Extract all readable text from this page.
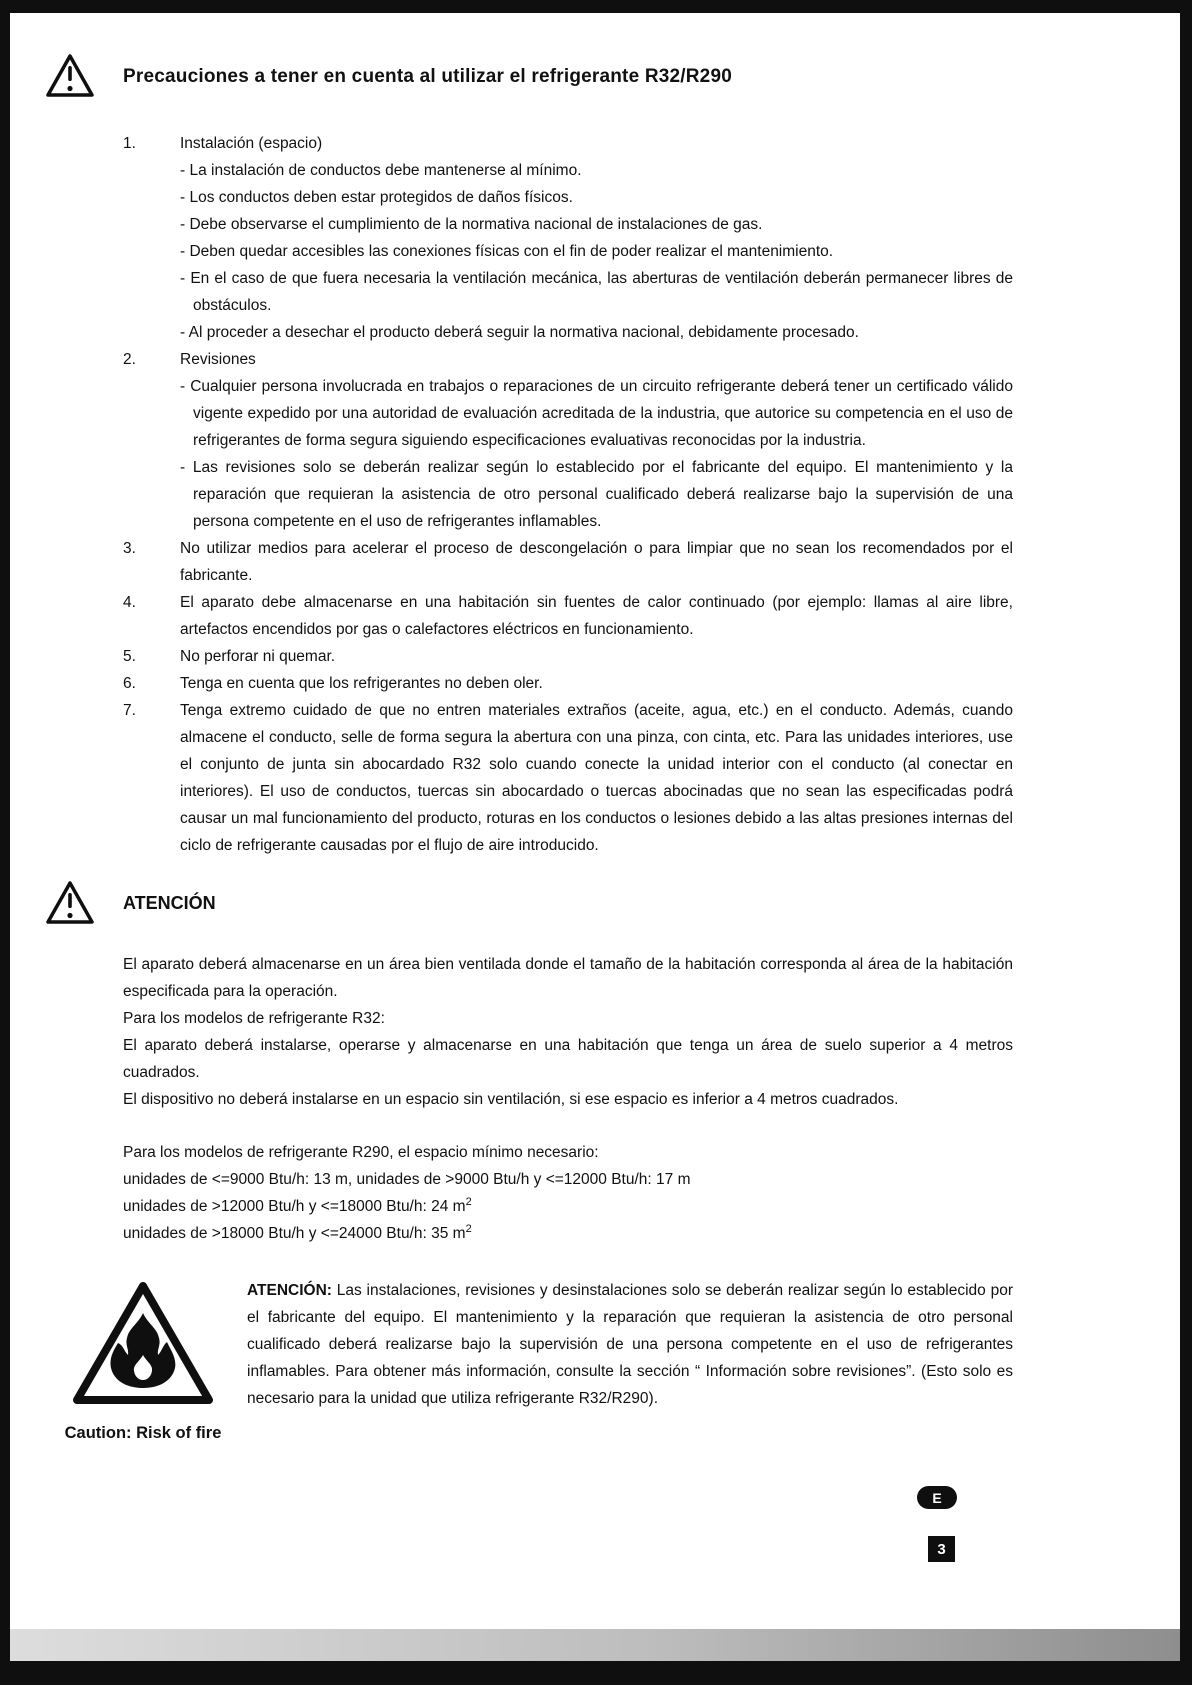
Precauciones a tener en cuenta al utilizar el refrigerante R32/R290
1.	Instalación (espacio)
- La instalación de conductos debe mantenerse al mínimo.
- Los conductos deben estar protegidos de daños físicos.
- Debe observarse el cumplimiento de la normativa nacional de instalaciones de gas.
- Deben quedar accesibles las conexiones físicas con el fin de poder realizar el mantenimiento.
- En el caso de que fuera necesaria la ventilación mecánica, las aberturas de ventilación deberán permanecer libres de obstáculos.
- Al proceder a desechar el producto deberá seguir la normativa nacional, debidamente procesado.
2.	Revisiones
- Cualquier persona involucrada en trabajos o reparaciones de un circuito refrigerante deberá tener un certificado válido vigente expedido por una autoridad de evaluación acreditada de la industria, que autorice su competencia en el uso de refrigerantes de forma segura siguiendo especificaciones evaluativas reconocidas por la industria.
- Las revisiones solo se deberán realizar según lo establecido por el fabricante del equipo. El mantenimiento y la reparación que requieran la asistencia de otro personal cualificado deberá realizarse bajo la supervisión de una persona competente en el uso de refrigerantes inflamables.
3.	No utilizar medios para acelerar el proceso de descongelación o para limpiar que no sean los recomendados por el fabricante.
4.	El aparato debe almacenarse en una habitación sin fuentes de calor continuado (por ejemplo: llamas al aire libre, artefactos encendidos por gas o calefactores eléctricos en funcionamiento.
5.	No perforar ni quemar.
6.	Tenga en cuenta que los refrigerantes no deben oler.
7.	Tenga extremo cuidado de que no entren materiales extraños (aceite, agua, etc.) en el conducto. Además, cuando almacene el conducto, selle de forma segura la abertura con una pinza, con cinta, etc. Para las unidades interiores, use el conjunto de junta sin abocardado R32 solo cuando conecte la unidad interior con el conducto (al conectar en interiores). El uso de conductos, tuercas sin abocardado o tuercas abocinadas que no sean las especificadas podrá causar un mal funcionamiento del producto, roturas en los conductos o lesiones debido a las altas presiones internas del ciclo de refrigerante causadas por el flujo de aire introducido.
ATENCIÓN
El aparato deberá almacenarse en un área bien ventilada donde el tamaño de la habitación corresponda al área de la habitación especificada para la operación.
Para los modelos de refrigerante R32:
El aparato deberá instalarse, operarse y almacenarse en una habitación que tenga un área de suelo superior a 4 metros cuadrados.
El dispositivo no deberá instalarse en un espacio sin ventilación, si ese espacio es inferior a 4 metros cuadrados.
Para los modelos de refrigerante R290, el espacio mínimo necesario:
unidades de <=9000 Btu/h: 13 m, unidades de >9000 Btu/h y <=12000 Btu/h: 17 m
unidades de >12000 Btu/h y <=18000 Btu/h: 24 $m^2$
unidades de >18000 Btu/h y <=24000 Btu/h: 35 $m^2$
Caution: Risk of fire
ATENCIÓN: Las instalaciones, revisiones y desinstalaciones solo se deberán realizar según lo establecido por el fabricante del equipo. El mantenimiento y la reparación que requieran la asistencia de otro personal cualificado deberá realizarse bajo la supervisión de una persona competente en el uso de refrigerantes inflamables. Para obtener más información, consulte la sección “ Información sobre revisiones”. (Esto solo es necesario para la unidad que utiliza refrigerante R32/R290).
E
3
